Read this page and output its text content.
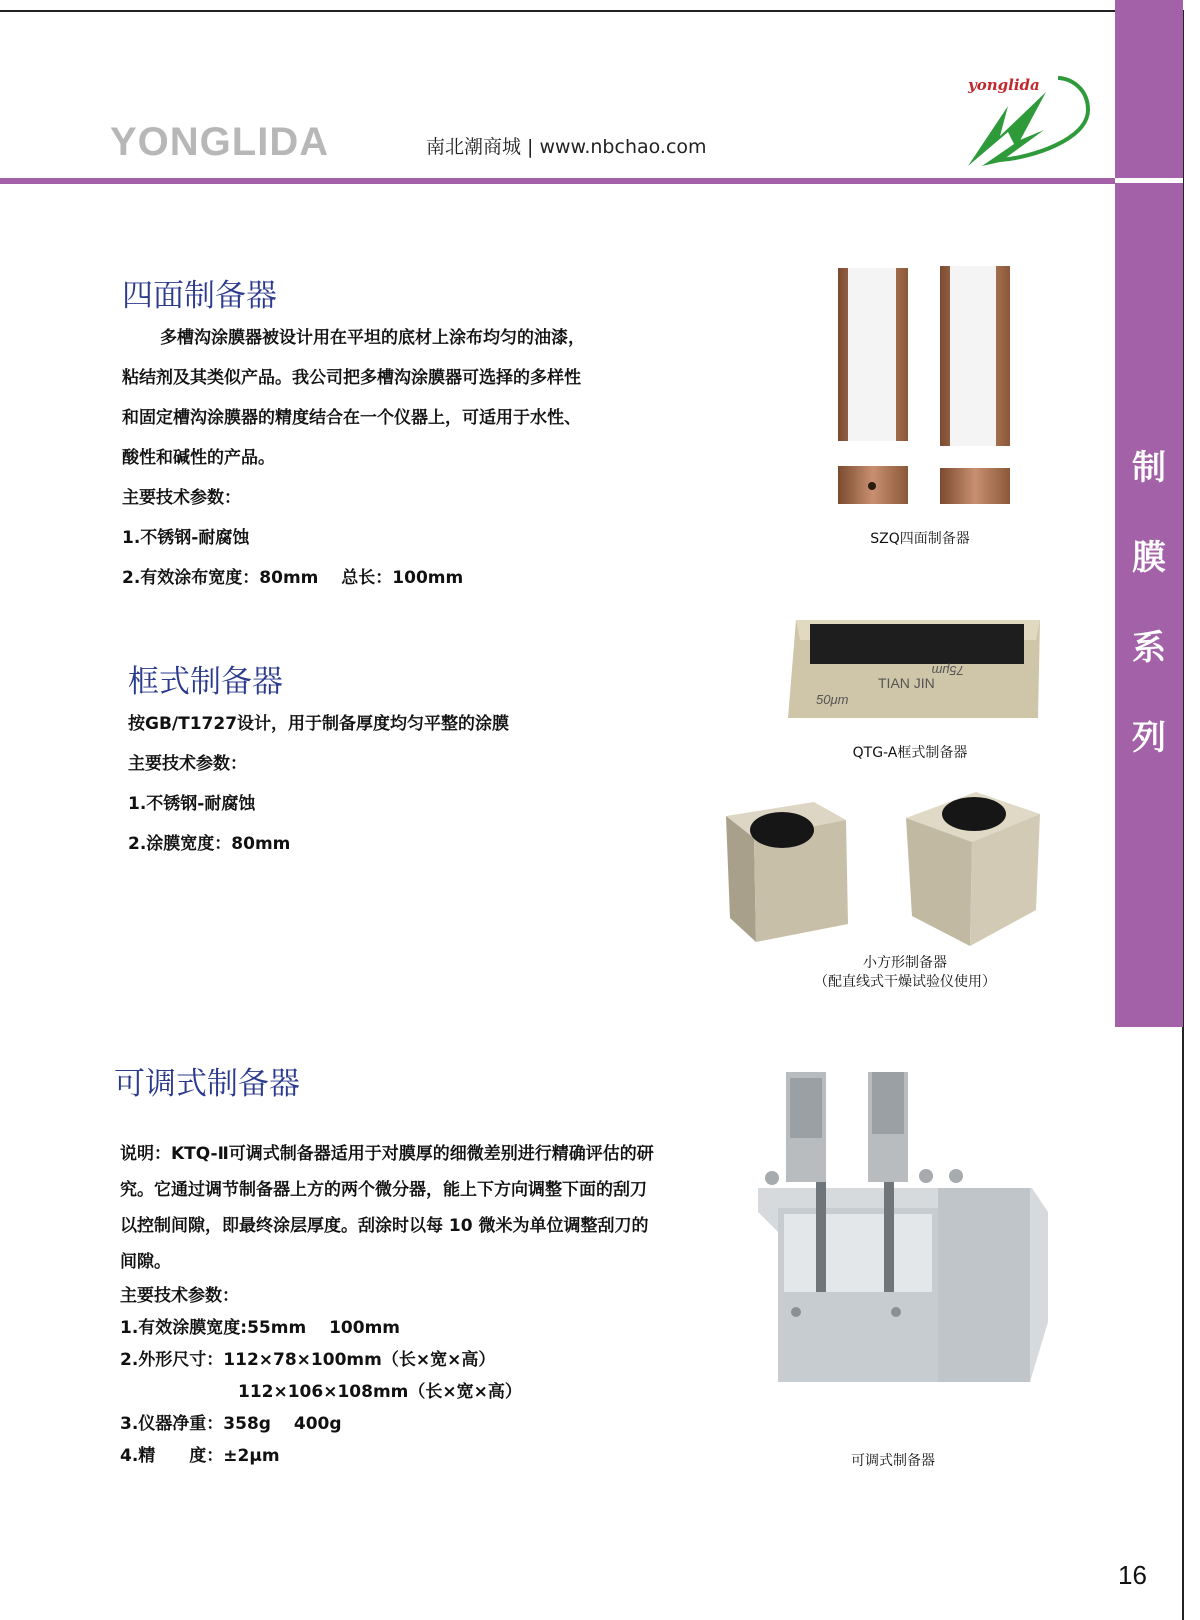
制
膜
系
列
YONGLIDA	南北潮商城 | www.nbchao.com
yonglida
四面制备器
多槽沟涂膜器被设计用在平坦的底材上涂布均匀的油漆，
粘结剂及其类似产品。我公司把多槽沟涂膜器可选择的多样性
和固定槽沟涂膜器的精度结合在一个仪器上，可适用于水性、
酸性和碱性的产品。
主要技术参数：
1.不锈钢-耐腐蚀
2.有效涂布宽度：80mm　 总长：100mm
SZQ四面制备器
框式制备器
按GB/T1727设计，用于制备厚度均匀平整的涂膜
主要技术参数：
1.不锈钢-耐腐蚀
2.涂膜宽度：80mm
TIAN JIN
50μm
75μm
QTG-A框式制备器
小方形制备器
（配直线式干燥试验仪使用）
可调式制备器
说明：KTQ-Ⅱ可调式制备器适用于对膜厚的细微差别进行精确评估的研
究。它通过调节制备器上方的两个微分器，能上下方向调整下面的刮刀
以控制间隙，即最终涂层厚度。刮涂时以每 10 微米为单位调整刮刀的
间隙。
主要技术参数：
1.有效涂膜宽度:55mm　 100mm
2.外形尺寸：112×78×100mm（长×宽×高）
112×106×108mm（长×宽×高）
3.仪器净重：358g　 400g
4.精　　度：±2μm	可调式制备器
16
